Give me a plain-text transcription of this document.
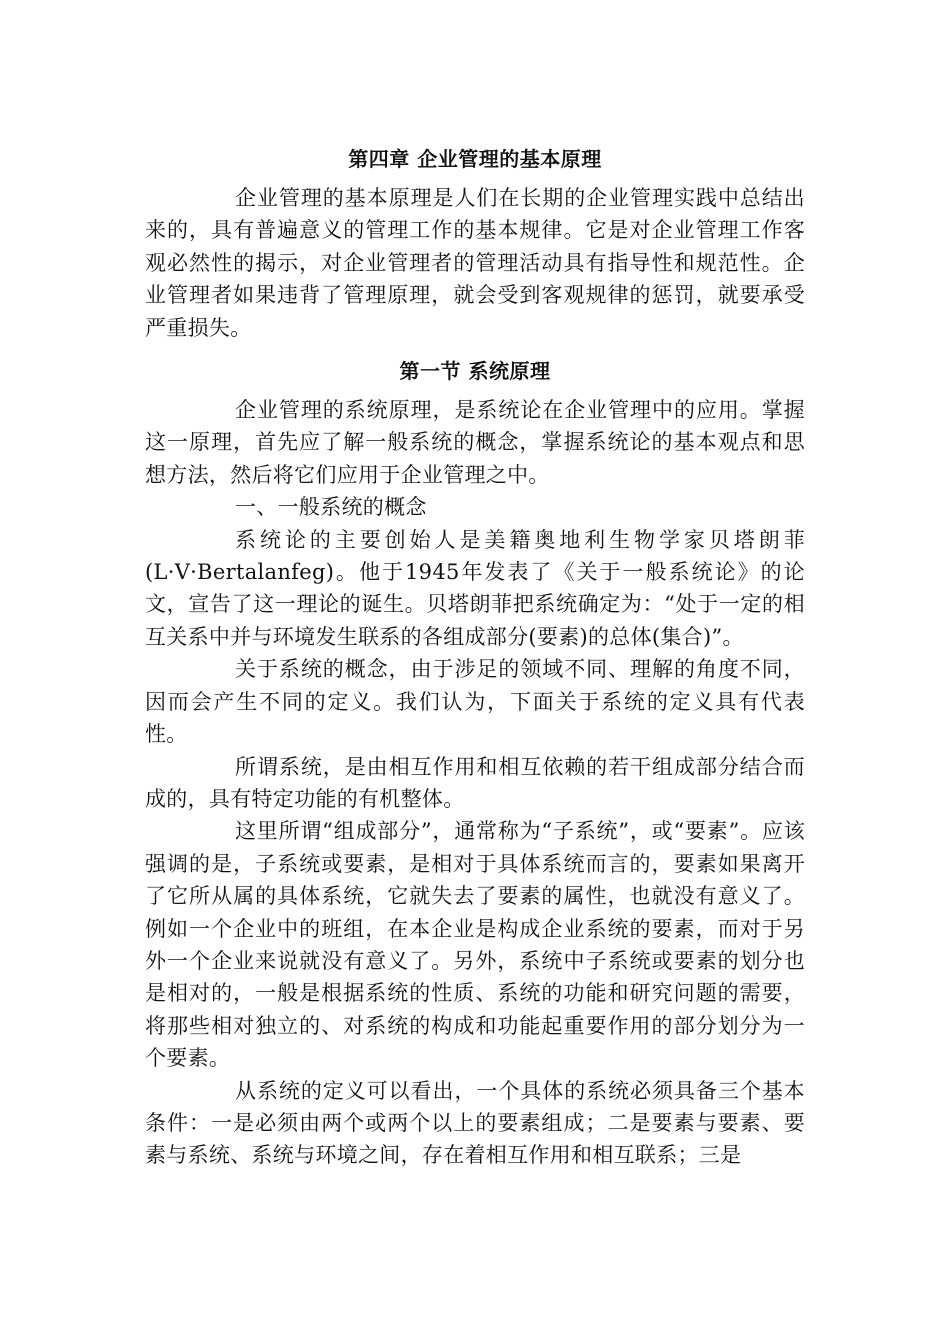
第四章 企业管理的基本原理

企业管理的基本原理是人们在长期的企业管理实践中总结出来的，具有普遍意义的管理工作的基本规律。它是对企业管理工作客观必然性的揭示，对企业管理者的管理活动具有指导性和规范性。企业管理者如果违背了管理原理，就会受到客观规律的惩罚，就要承受严重损失。

第一节 系统原理

企业管理的系统原理，是系统论在企业管理中的应用。掌握这一原理，首先应了解一般系统的概念，掌握系统论的基本观点和思想方法，然后将它们应用于企业管理之中。

一、一般系统的概念

系统论的主要创始人是美籍奥地利生物学家贝塔朗菲(L·V·Bertalanfeg)。他于1945年发表了《关于一般系统论》的论文，宣告了这一理论的诞生。贝塔朗菲把系统确定为：“处于一定的相互关系中并与环境发生联系的各组成部分(要素)的总体(集合)”。

关于系统的概念，由于涉足的领域不同、理解的角度不同，因而会产生不同的定义。我们认为，下面关于系统的定义具有代表性。

所谓系统，是由相互作用和相互依赖的若干组成部分结合而成的，具有特定功能的有机整体。

这里所谓“组成部分”，通常称为“子系统”，或“要素”。应该强调的是，子系统或要素，是相对于具体系统而言的，要素如果离开了它所从属的具体系统，它就失去了要素的属性，也就没有意义了。例如一个企业中的班组，在本企业是构成企业系统的要素，而对于另外一个企业来说就没有意义了。另外，系统中子系统或要素的划分也是相对的，一般是根据系统的性质、系统的功能和研究问题的需要，将那些相对独立的、对系统的构成和功能起重要作用的部分划分为一个要素。

从系统的定义可以看出，一个具体的系统必须具备三个基本条件：一是必须由两个或两个以上的要素组成；二是要素与要素、要素与系统、系统与环境之间，存在着相互作用和相互联系；三是
